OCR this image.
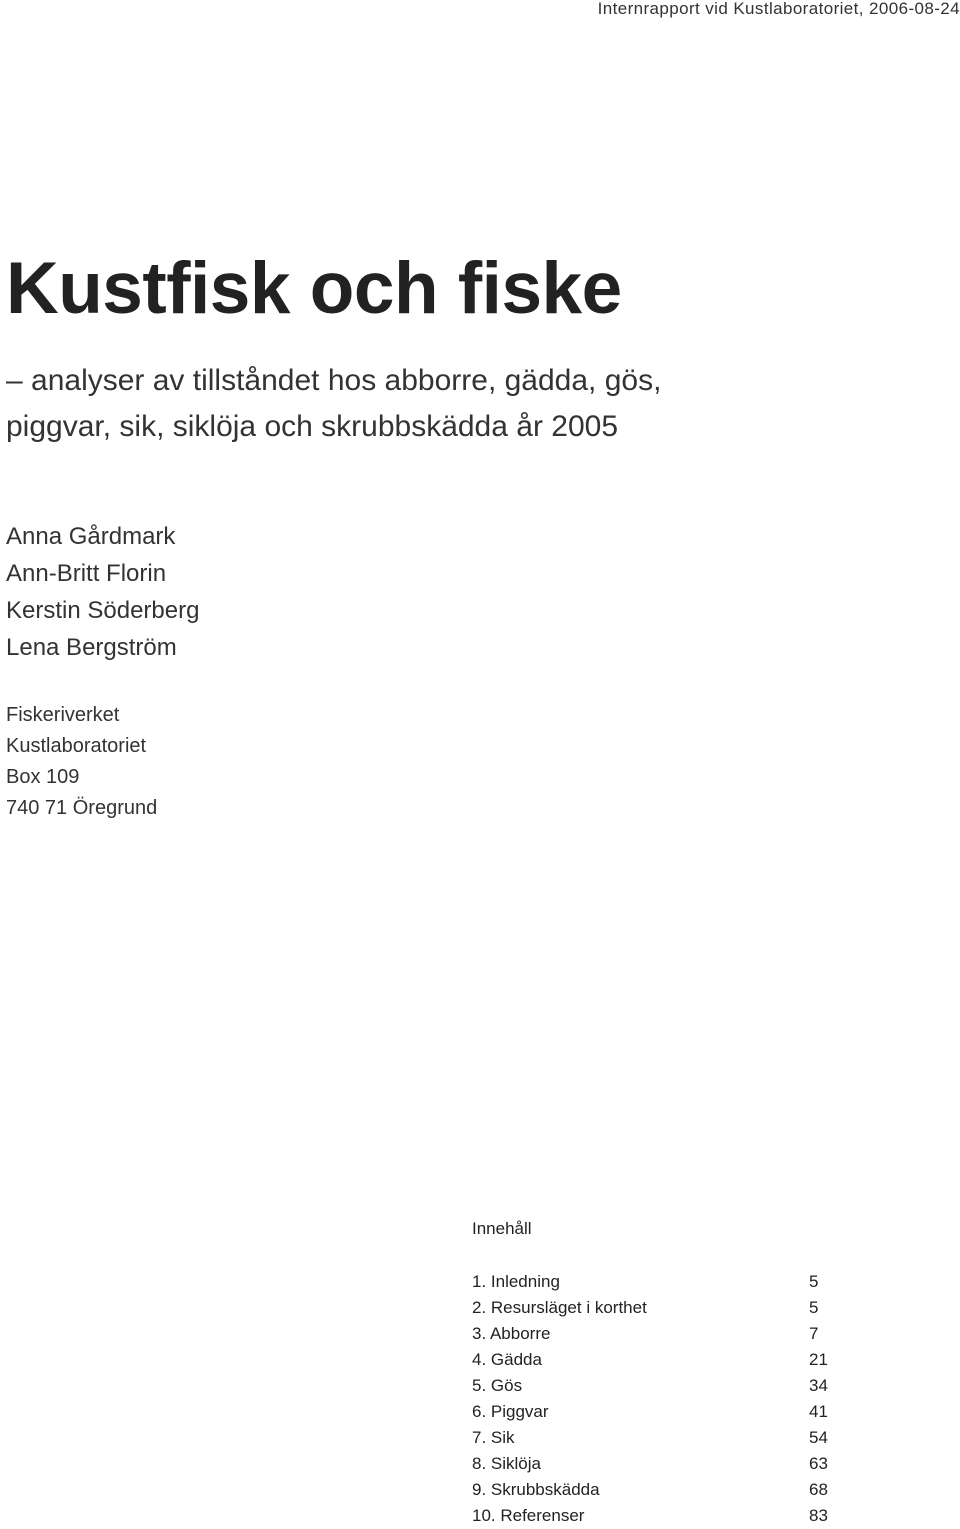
Internrapport vid Kustlaboratoriet, 2006-08-24
Kustfisk och fiske
– analyser av tillståndet hos abborre, gädda, gös,
piggvar, sik, siklöja och skrubbskädda år 2005
Anna Gårdmark
Ann-Britt Florin
Kerstin Söderberg
Lena Bergström
Fiskeriverket
Kustlaboratoriet
Box 109
740 71 Öregrund
Innehåll
1. Inledning	5
2. Resursläget i korthet	5
3. Abborre	7
4. Gädda	21
5. Gös	34
6. Piggvar	41
7. Sik	54
8. Siklöja	63
9. Skrubbskädda	68
10. Referenser	83
